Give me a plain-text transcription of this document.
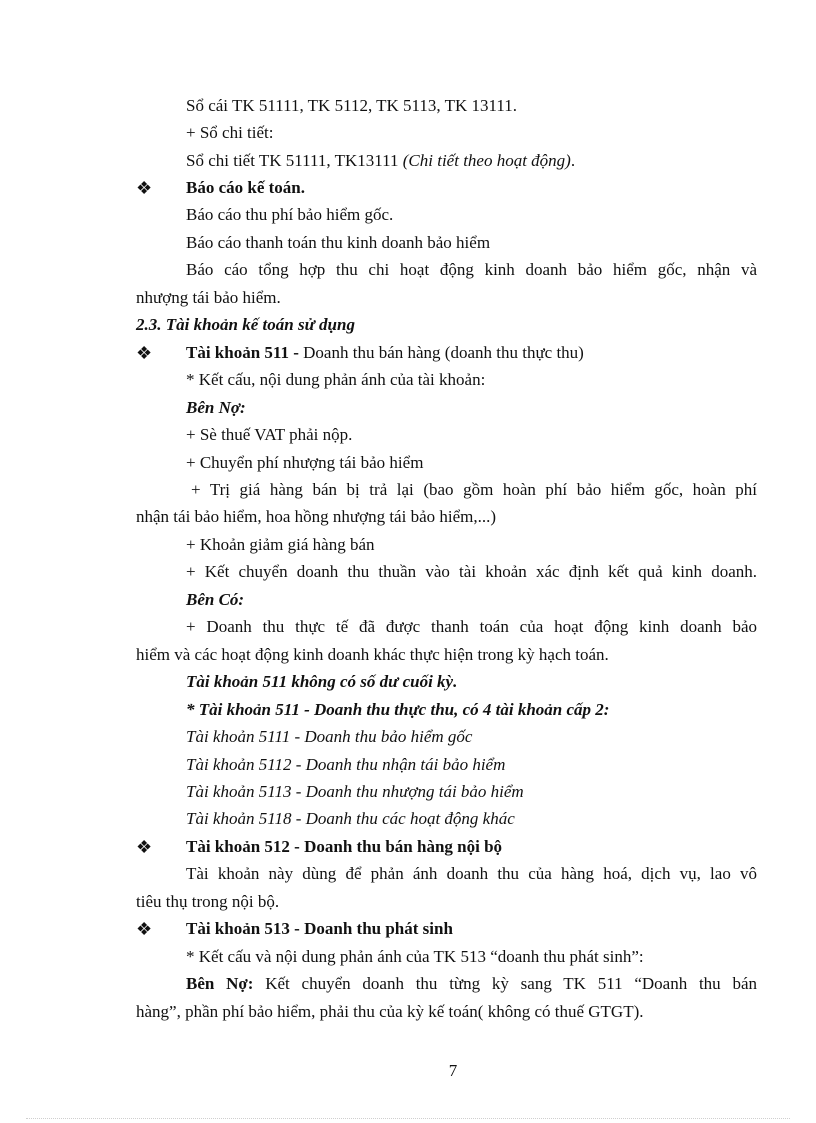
Sổ cái TK 51111, TK 5112, TK 5113, TK 13111.
+ Sổ chi tiết:
Sổ chi tiết TK 51111, TK13111 (Chi tiết theo hoạt động).
❖ Báo cáo kế toán.
Báo cáo thu phí bảo hiểm gốc.
Báo cáo thanh toán thu kinh doanh bảo hiểm
Báo cáo tổng hợp thu chi hoạt động kinh doanh bảo hiểm gốc, nhận và
nhượng tái bảo hiểm.
2.3. Tài khoản kế toán sử dụng
❖ Tài khoản 511 - Doanh thu bán hàng (doanh thu thực thu)
* Kết cấu, nội dung phản ánh của tài khoản:
Bên Nợ:
+ Sè thuế VAT phải nộp.
+ Chuyển phí nhượng tái bảo hiểm
+ Trị giá hàng bán bị trả lại (bao gồm hoàn phí bảo hiểm gốc, hoàn phí
nhận tái bảo hiểm, hoa hồng nhượng tái bảo hiểm,...)
+ Khoản giảm giá hàng bán
+ Kết chuyển doanh thu thuần vào tài khoản xác định kết quả kinh doanh.
Bên Có:
+ Doanh thu thực tế đã được thanh toán của hoạt động kinh doanh bảo
hiểm và các hoạt động kinh doanh khác thực hiện trong kỳ hạch toán.
Tài khoản 511 không có số dư cuối kỳ.
* Tài khoản 511 - Doanh thu thực thu, có 4 tài khoản cấp 2:
Tài khoản 5111 - Doanh thu bảo hiểm gốc
Tài khoản 5112 - Doanh thu nhận tái bảo hiểm
Tài khoản 5113 - Doanh thu nhượng tái bảo hiểm
Tài khoản 5118 - Doanh thu các hoạt động khác
❖ Tài khoản 512 - Doanh thu bán hàng nội bộ
Tài khoản này dùng để phản ánh doanh thu của hàng hoá, dịch vụ, lao vô
tiêu thụ trong nội bộ.
❖ Tài khoản 513 - Doanh thu phát sinh
* Kết cấu và nội dung phản ánh của TK 513 “doanh thu phát sinh”:
Bên Nợ: Kết chuyển doanh thu từng kỳ sang TK 511 “Doanh thu bán
hàng”, phần phí bảo hiểm, phải thu của kỳ kế toán( không có thuế GTGT).
7
